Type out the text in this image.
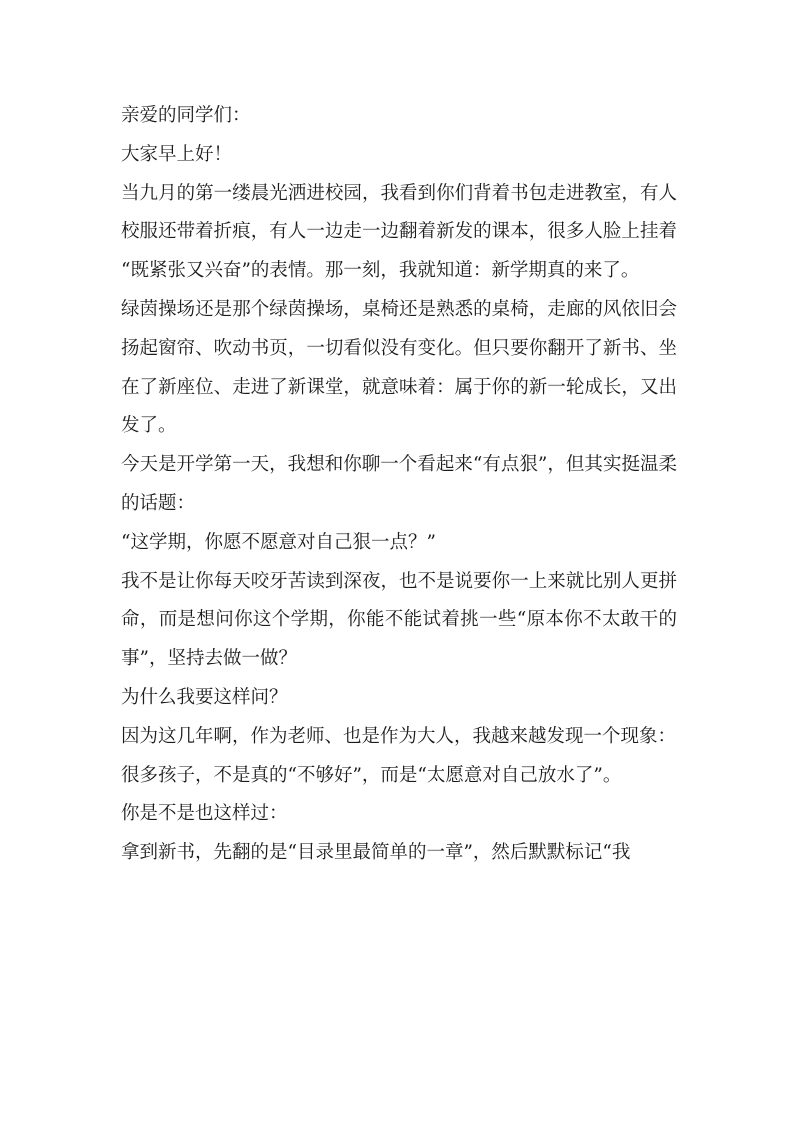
亲爱的同学们：

大家早上好！

当九月的第一缕晨光洒进校园，我看到你们背着书包走进教室，有人校服还带着折痕，有人一边走一边翻着新发的课本，很多人脸上挂着“既紧张又兴奋”的表情。那一刻，我就知道：新学期真的来了。

绿茵操场还是那个绿茵操场，桌椅还是熟悉的桌椅，走廊的风依旧会扬起窗帘、吹动书页，一切看似没有变化。但只要你翻开了新书、坐在了新座位、走进了新课堂，就意味着：属于你的新一轮成长，又出发了。

今天是开学第一天，我想和你聊一个看起来“有点狠”，但其实挺温柔的话题：

“这学期，你愿不愿意对自己狠一点？”

我不是让你每天咬牙苦读到深夜，也不是说要你一上来就比别人更拼命，而是想问你这个学期，你能不能试着挑一些“原本你不太敢干的事”，坚持去做一做？

为什么我要这样问？

因为这几年啊，作为老师、也是作为大人，我越来越发现一个现象：

很多孩子，不是真的“不够好”，而是“太愿意对自己放水了”。

你是不是也这样过：

拿到新书，先翻的是“目录里最简单的一章”，然后默默标记“我
